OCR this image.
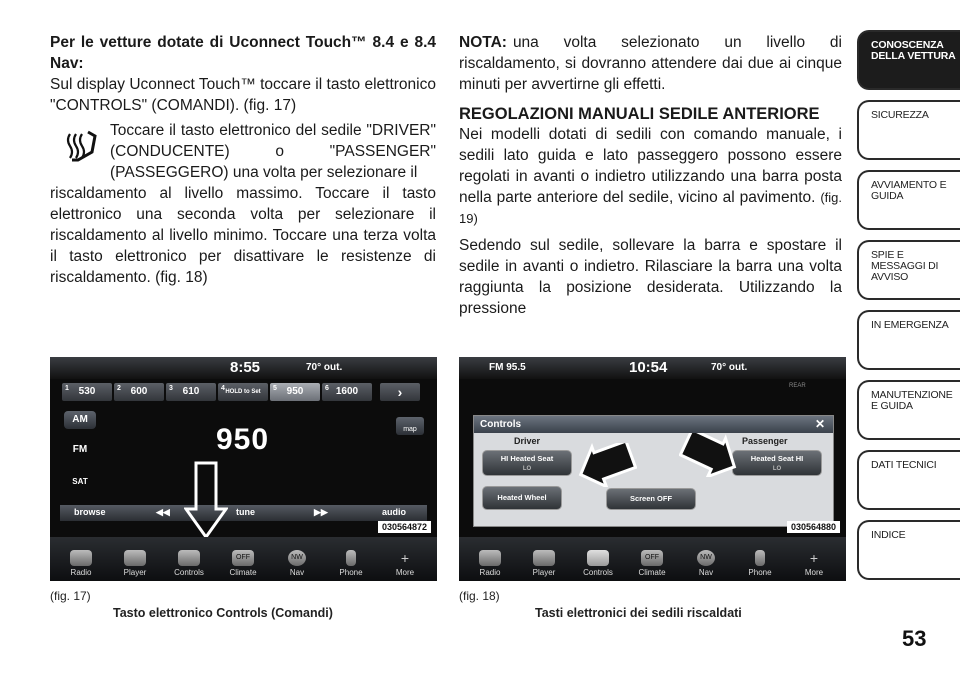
Per le vetture dotate di Uconnect Touch™ 8.4 e 8.4 Nav:

Sul display Uconnect Touch™ toccare il tasto elettronico "CONTROLS" (COMANDI). (fig. 17)

Toccare il tasto elettronico del sedile "DRIVER" (CONDUCENTE) o "PASSENGER" (PASSEGGERO) una volta per selezionare il

riscaldamento al livello massimo. Toccare il tasto elettronico una seconda volta per selezionare il riscaldamento al livello minimo. Toccare una terza volta il tasto elettronico per disattivare le resistenze di riscaldamento. (fig. 18)

NOTA: una volta selezionato un livello di riscaldamento, si dovranno attendere dai due ai cinque minuti per avvertirne gli effetti.

REGOLAZIONI MANUALI SEDILE ANTERIORE

Nei modelli dotati di sedili con comando manuale, i sedili lato guida e lato passeggero possono essere regolati in avanti o indietro utilizzando una barra posta nella parte anteriore del sedile, vicino al pavimento. (fig. 19)

Sedendo sul sedile, sollevare la barra e spostare il sedile in avanti o indietro. Rilasciare la barra una volta raggiunta la posizione desiderata. Utilizzando la pressione

8:55	70° out.
1 530	2 600	3 610	4 HOLD to Set	5 950	6 1600	›
AM
FM
SAT
950	map
browse	◀◀	tune	▶▶	audio
Radio	Player	Controls
OFF
Climate
NW
Nav	Phone
+
More
030564872
(fig. 17)
Tasto elettronico Controls (Comandi)
FM 95.5	10:54	70° out.
REAR
Controls	✕
Driver	Passenger
HI Heated Seat
LO
Heated Seat HI
LO
Heated Wheel	Screen OFF
Radio	Player	Controls
OFF
Climate
NW
Nav	Phone
+
More
030564880
(fig. 18)
Tasti elettronici dei sedili riscaldati
CONOSCENZA DELLA VETTURA
SICUREZZA
AVVIAMENTO E GUIDA
SPIE E MESSAGGI DI AVVISO
IN EMERGENZA
MANUTENZIONE E GUIDA
DATI TECNICI
INDICE
53
